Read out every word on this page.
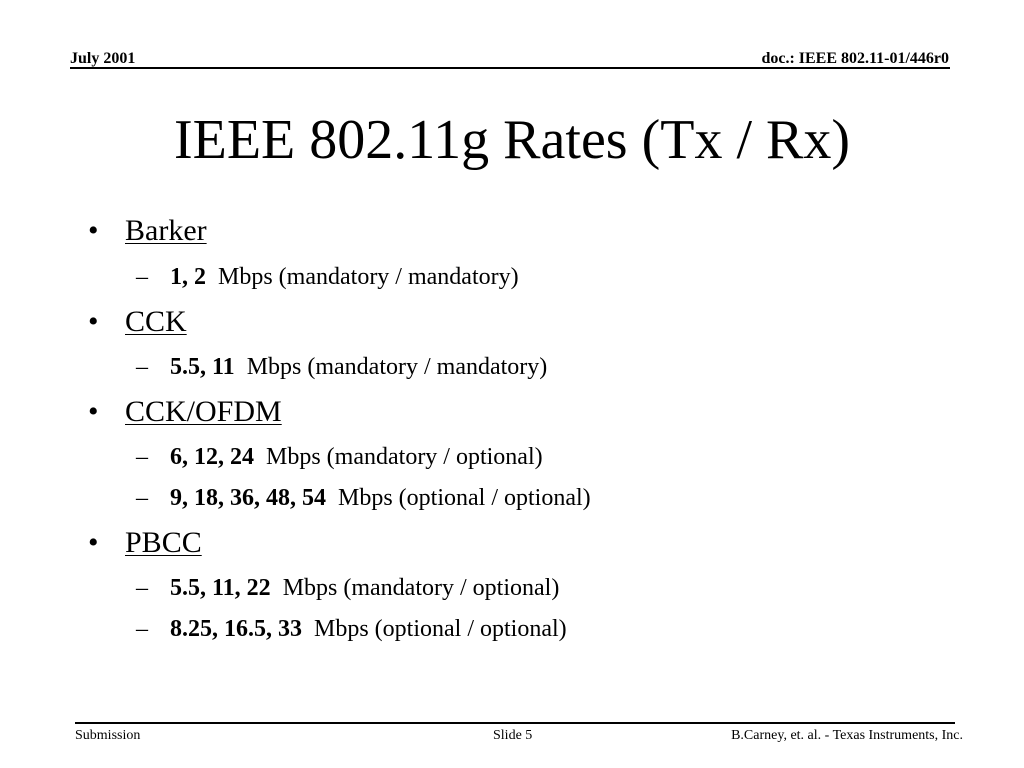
July 2001	doc.: IEEE 802.11-01/446r0
IEEE 802.11g Rates (Tx / Rx)
• Barker
– 1, 2 Mbps (mandatory / mandatory)
• CCK
– 5.5, 11 Mbps (mandatory / mandatory)
• CCK/OFDM
– 6, 12, 24 Mbps (mandatory / optional)
– 9, 18, 36, 48, 54 Mbps (optional / optional)
• PBCC
– 5.5, 11, 22 Mbps (mandatory / optional)
– 8.25, 16.5, 33 Mbps (optional / optional)
Submission	Slide 5	B.Carney, et. al. - Texas Instruments, Inc.
